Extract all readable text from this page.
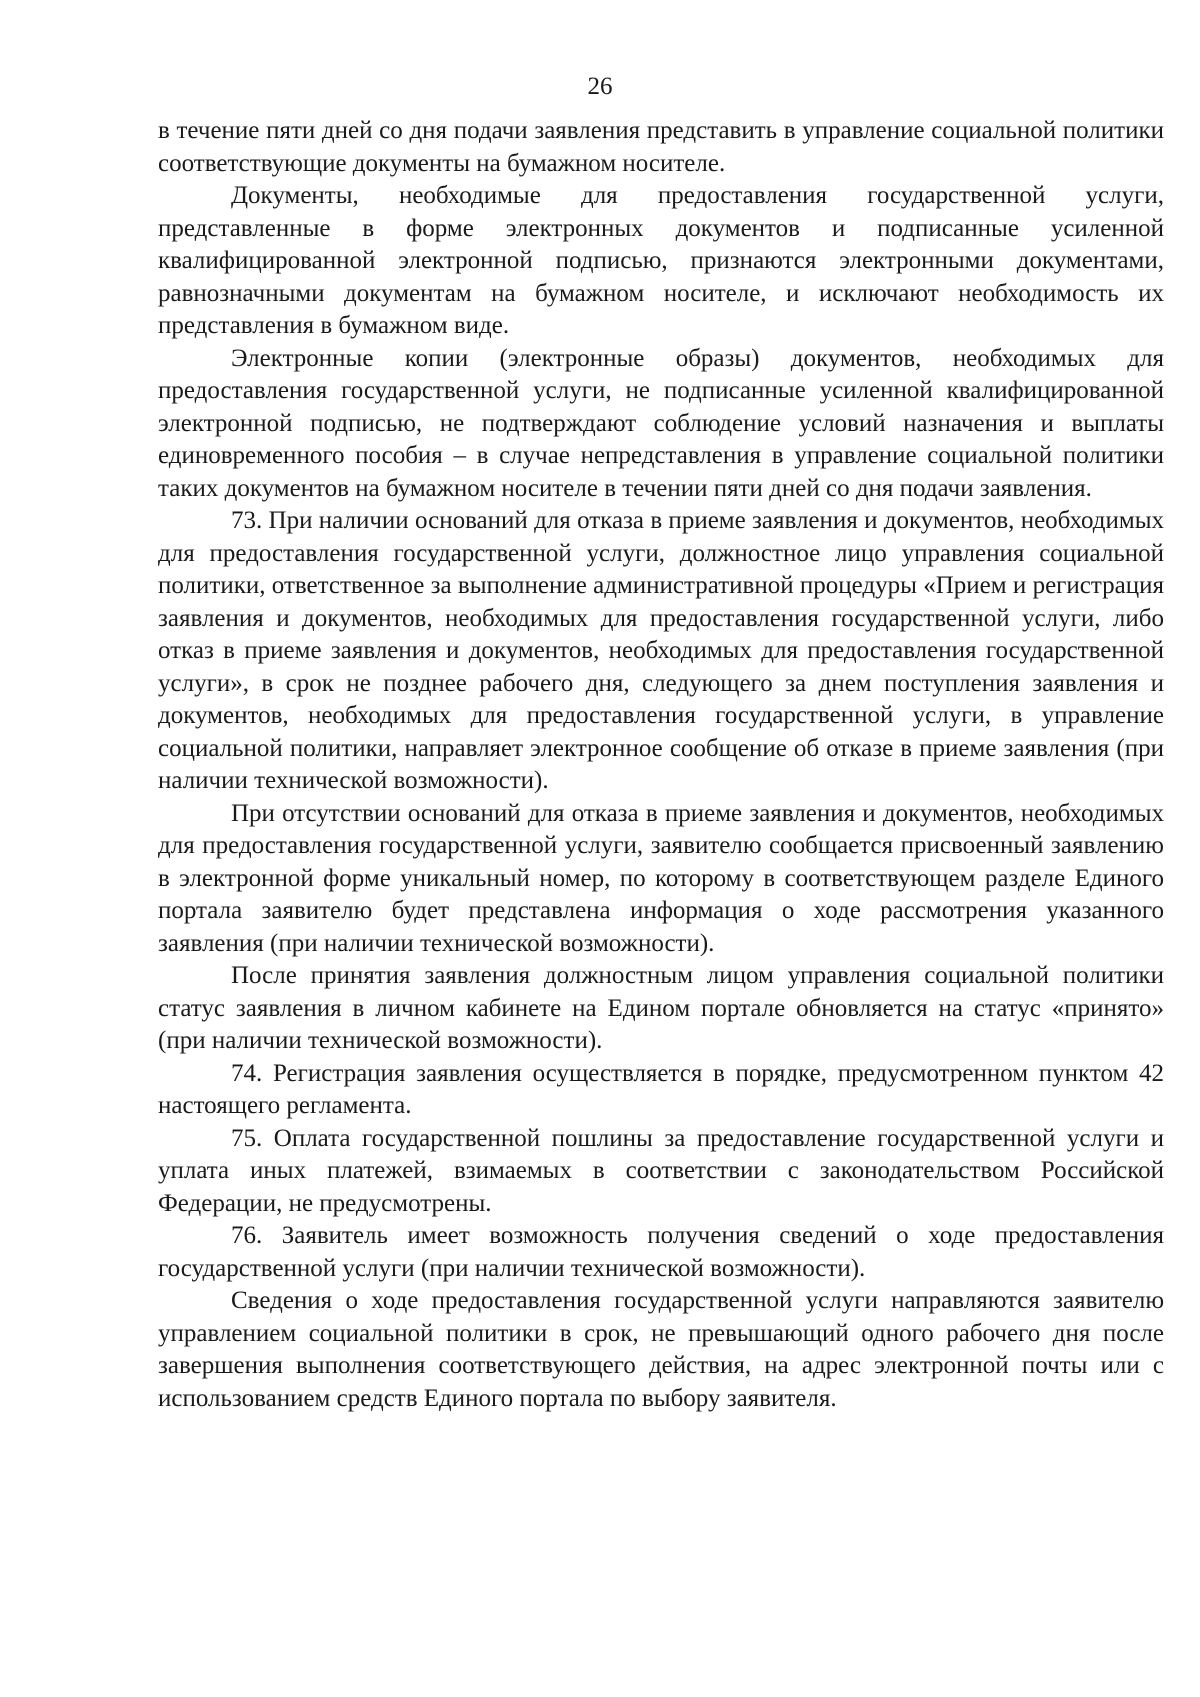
26

в течение пяти дней со дня подачи заявления представить в управление социальной политики соответствующие документы на бумажном носителе.

Документы, необходимые для предоставления государственной услуги, представленные в форме электронных документов и подписанные усиленной квалифицированной электронной подписью, признаются электронными документами, равнозначными документам на бумажном носителе, и исключают необходимость их представления в бумажном виде.

Электронные копии (электронные образы) документов, необходимых для предоставления государственной услуги, не подписанные усиленной квалифицированной электронной подписью, не подтверждают соблюдение условий назначения и выплаты единовременного пособия – в случае непредставления в управление социальной политики таких документов на бумажном носителе в течении пяти дней со дня подачи заявления.

73. При наличии оснований для отказа в приеме заявления и документов, необходимых для предоставления государственной услуги, должностное лицо управления социальной политики, ответственное за выполнение административной процедуры «Прием и регистрация заявления и документов, необходимых для предоставления государственной услуги, либо отказ в приеме заявления и документов, необходимых для предоставления государственной услуги», в срок не позднее рабочего дня, следующего за днем поступления заявления и документов, необходимых для предоставления государственной услуги, в управление социальной политики, направляет электронное сообщение об отказе в приеме заявления (при наличии технической возможности).

При отсутствии оснований для отказа в приеме заявления и документов, необходимых для предоставления государственной услуги, заявителю сообщается присвоенный заявлению в электронной форме уникальный номер, по которому в соответствующем разделе Единого портала заявителю будет представлена информация о ходе рассмотрения указанного заявления (при наличии технической возможности).

После принятия заявления должностным лицом управления социальной политики статус заявления в личном кабинете на Едином портале обновляется на статус «принято» (при наличии технической возможности).

74. Регистрация заявления осуществляется в порядке, предусмотренном пунктом 42 настоящего регламента.

75. Оплата государственной пошлины за предоставление государственной услуги и уплата иных платежей, взимаемых в соответствии с законодательством Российской Федерации, не предусмотрены.

76. Заявитель имеет возможность получения сведений о ходе предоставления государственной услуги (при наличии технической возможности).

Сведения о ходе предоставления государственной услуги направляются заявителю управлением социальной политики в срок, не превышающий одного рабочего дня после завершения выполнения соответствующего действия, на адрес электронной почты или с использованием средств Единого портала по выбору заявителя.
